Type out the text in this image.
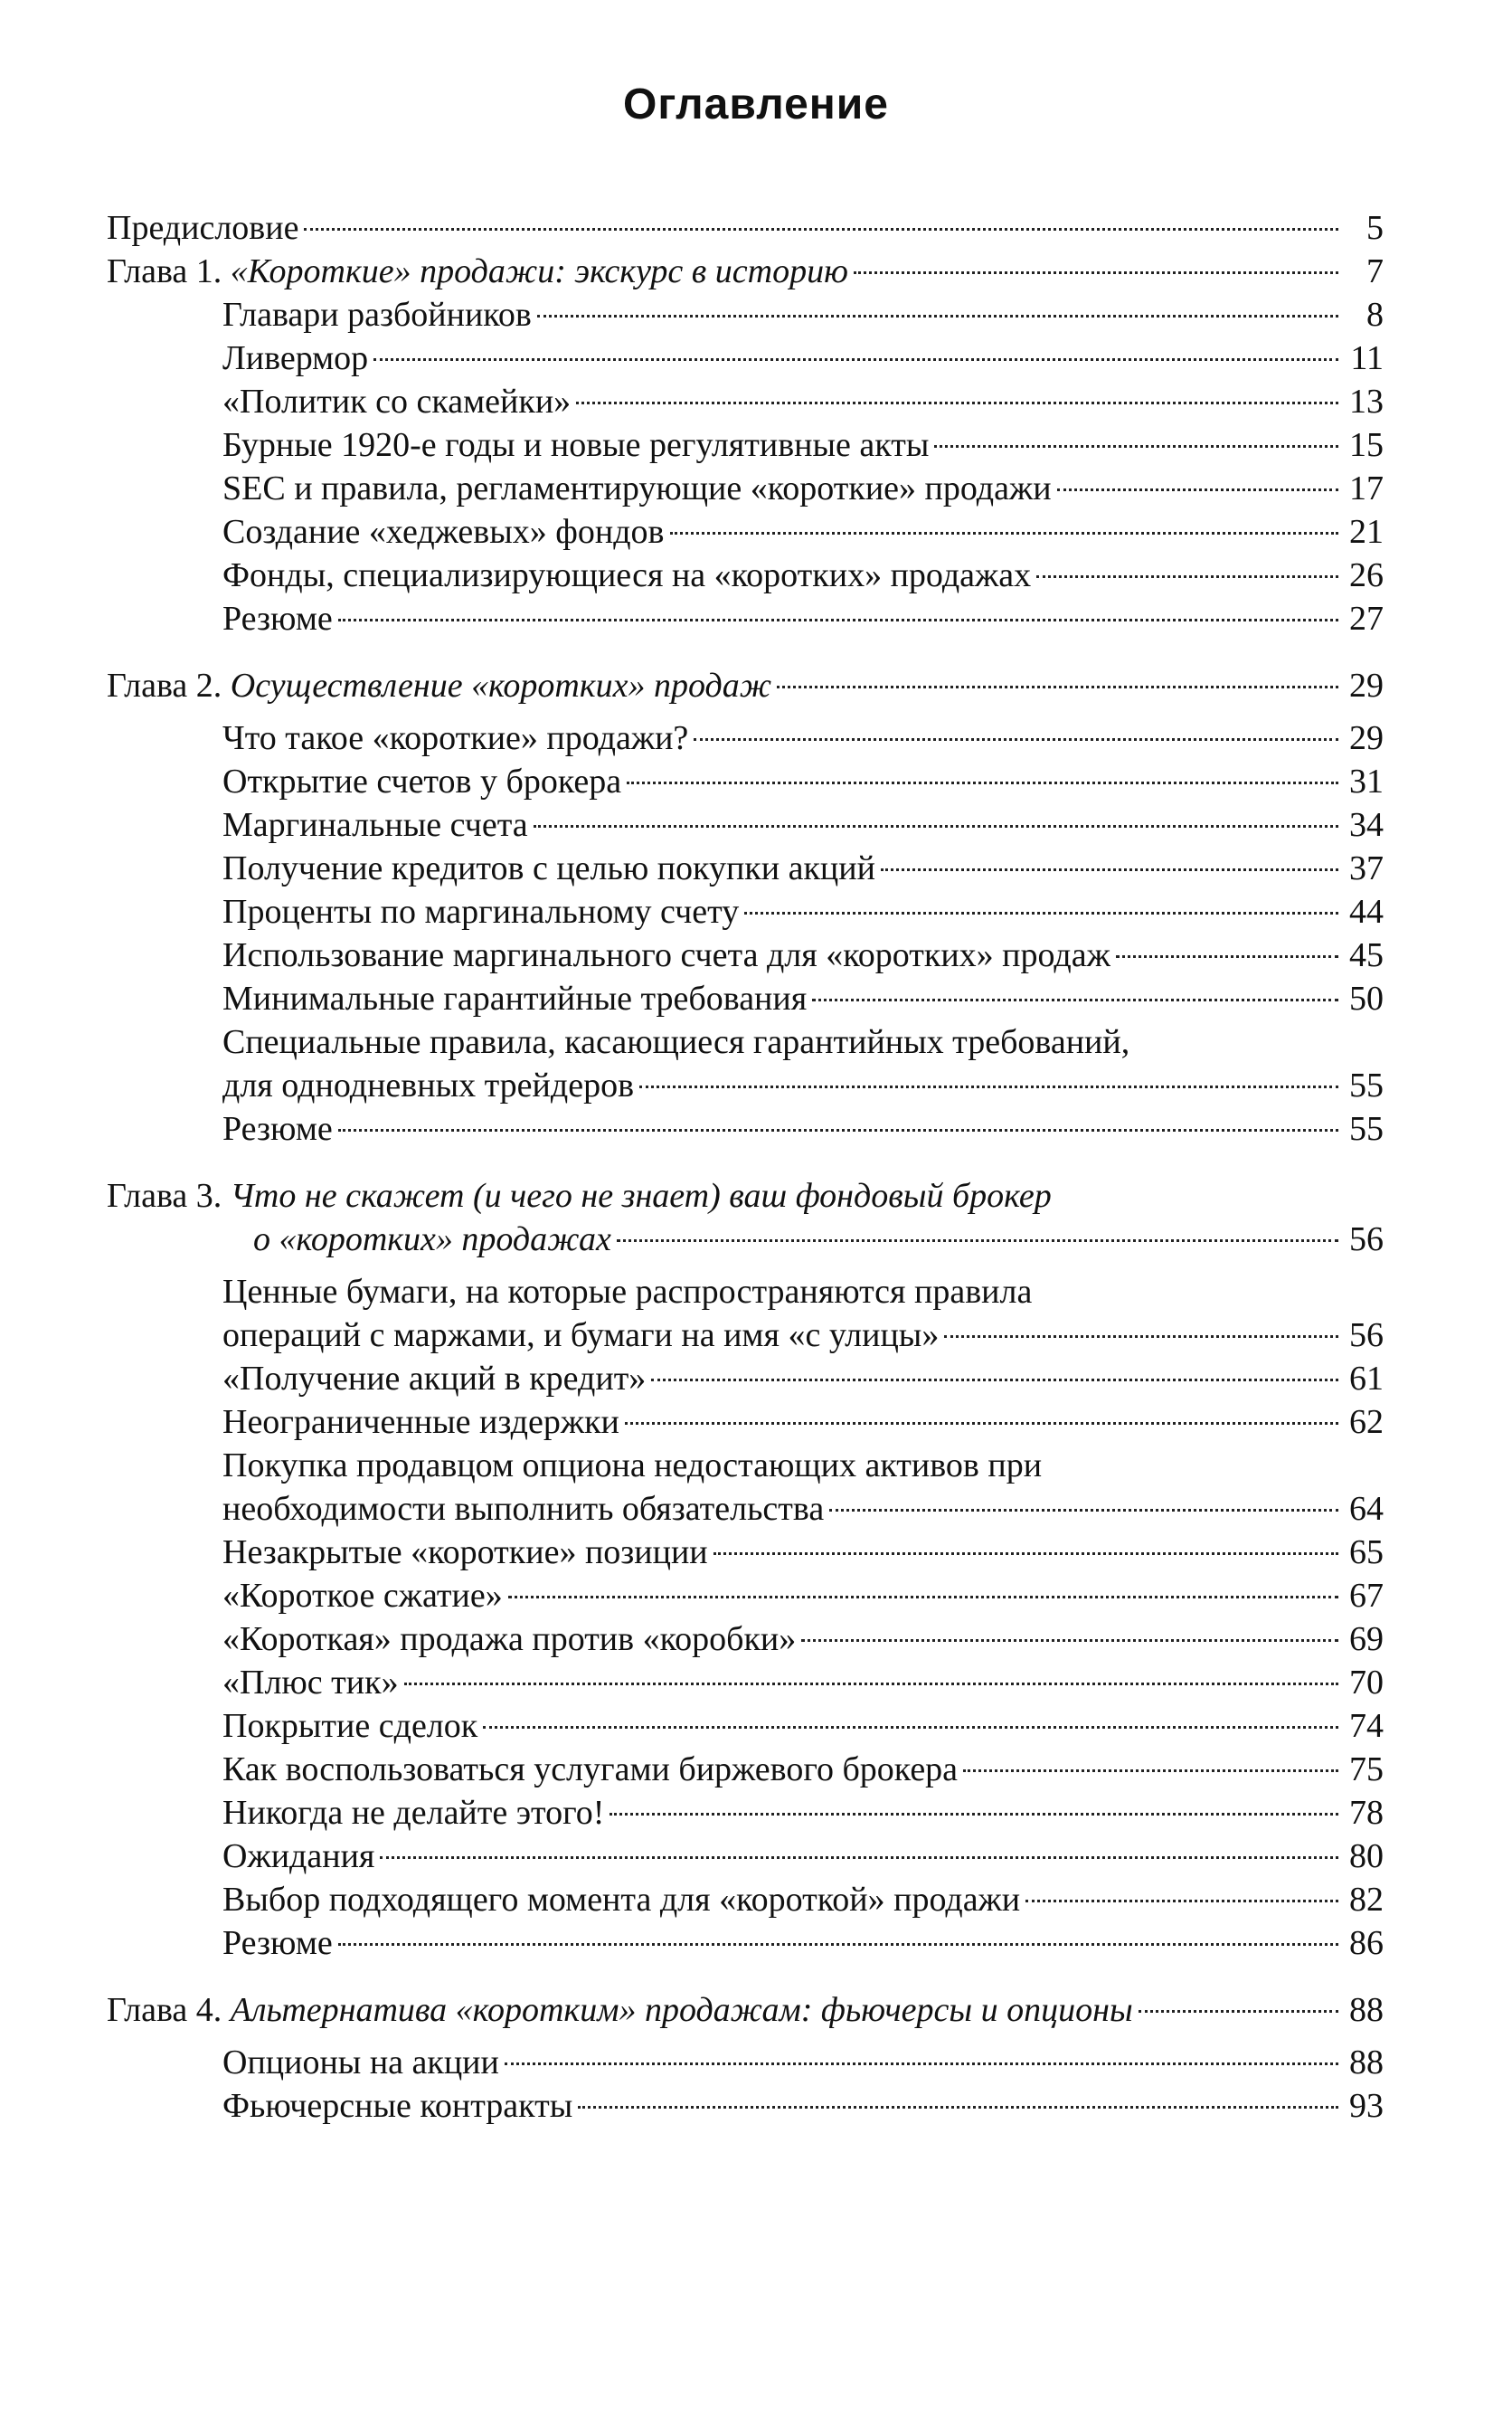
Оглавление
Предисловие	5
Глава 1. «Короткие» продажи: экскурс в историю	7
Главари разбойников	8
Ливермор	11
«Политик со скамейки»	13
Бурные 1920-е годы и новые регулятивные акты	15
SEC и правила, регламентирующие «короткие» продажи	17
Создание «хеджевых» фондов	21
Фонды, специализирующиеся на «коротких» продажах	26
Резюме	27
Глава 2. Осуществление «коротких» продаж	29
Что такое «короткие» продажи?	29
Открытие счетов у брокера	31
Маргинальные счета	34
Получение кредитов с целью покупки акций	37
Проценты по маргинальному счету	44
Использование маргинального счета для «коротких» продаж	45
Минимальные гарантийные требования	50
Специальные правила, касающиеся гарантийных требований,
для однодневных трейдеров	55
Резюме	55
Глава 3. Что не скажет (и чего не знает) ваш фондовый брокер
о «коротких» продажах	56
Ценные бумаги, на которые распространяются правила
операций с маржами, и бумаги на имя «с улицы»	56
«Получение акций в кредит»	61
Неограниченные издержки	62
Покупка продавцом опциона недостающих активов при
необходимости выполнить обязательства	64
Незакрытые «короткие» позиции	65
«Короткое сжатие»	67
«Короткая» продажа против «коробки»	69
«Плюс тик»	70
Покрытие сделок	74
Как воспользоваться услугами биржевого брокера	75
Никогда не делайте этого!	78
Ожидания	80
Выбор подходящего момента для «короткой» продажи	82
Резюме	86
Глава 4. Альтернатива «коротким» продажам: фьючерсы и опционы	88
Опционы на акции	88
Фьючерсные контракты	93
